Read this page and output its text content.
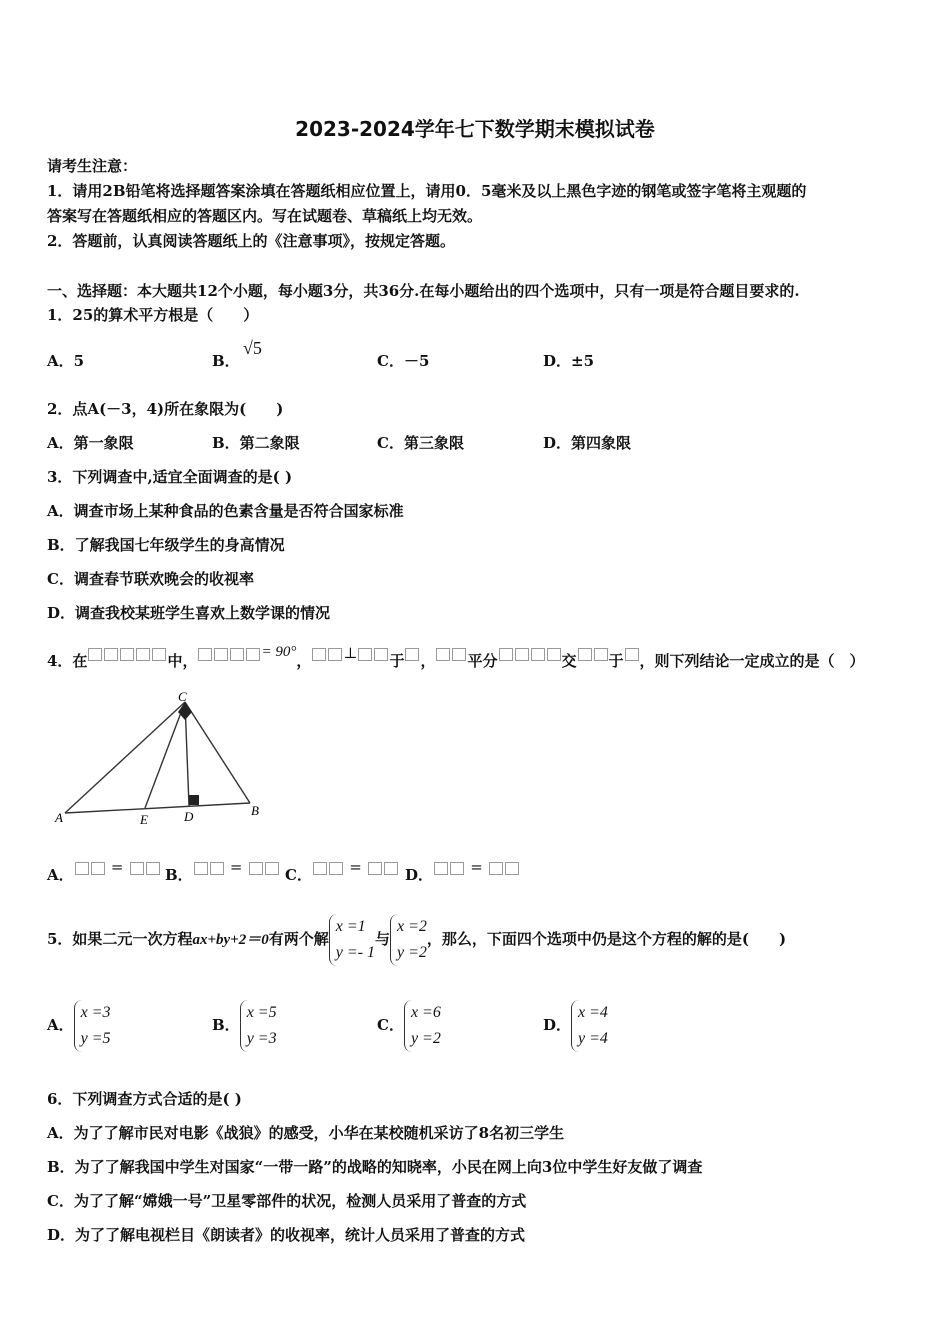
2023-2024学年七下数学期末模拟试卷
请考生注意：
1．请用2B铅笔将选择题答案涂填在答题纸相应位置上，请用0．5毫米及以上黑色字迹的钢笔或签字笔将主观题的
答案写在答题纸相应的答题区内。写在试题卷、草稿纸上均无效。
2．答题前，认真阅读答题纸上的《注意事项》，按规定答题。
一、选择题：本大题共12个小题，每小题3分，共36分.在每小题给出的四个选项中，只有一项是符合题目要求的.
1．25的算术平方根是（　　）
A．5	B．
√5
C．－5	D．±5
2．点A(－3，4)所在象限为(　　)
A．第一象限	B．第二象限	C．第三象限	D．第四象限
3．下列调查中,适宜全面调查的是( )
A．调查市场上某种食品的色素含量是否符合国家标准
B．了解我国七年级学生的身高情况
C．调查春节联欢晚会的收视率
D．调查我校某班学生喜欢上数学课的情况
4．在	中，	= 90°， ⊥ 于 ， 平分	交 于 ，则下列结论一定成立的是（　）
C
A	E	D	B
A． =	B． =	C． =	D． =
5．如果二元一次方程ax+by+2＝0有两个解x =1
y =- 1与x =2
y =2，那么，下面四个选项中仍是这个方程的解的是(　　)
A．x =3
y =5
B．x =5
y =3
C．x =6
y =2
D．x =4
y =4
6．下列调查方式合适的是( )
A．为了了解市民对电影《战狼》的感受，小华在某校随机采访了8名初三学生
B．为了了解我国中学生对国家“一带一路”的战略的知晓率，小民在网上向3位中学生好友做了调查
C．为了了解“嫦娥一号”卫星零部件的状况，检测人员采用了普查的方式
D．为了了解电视栏目《朗读者》的收视率，统计人员采用了普查的方式
